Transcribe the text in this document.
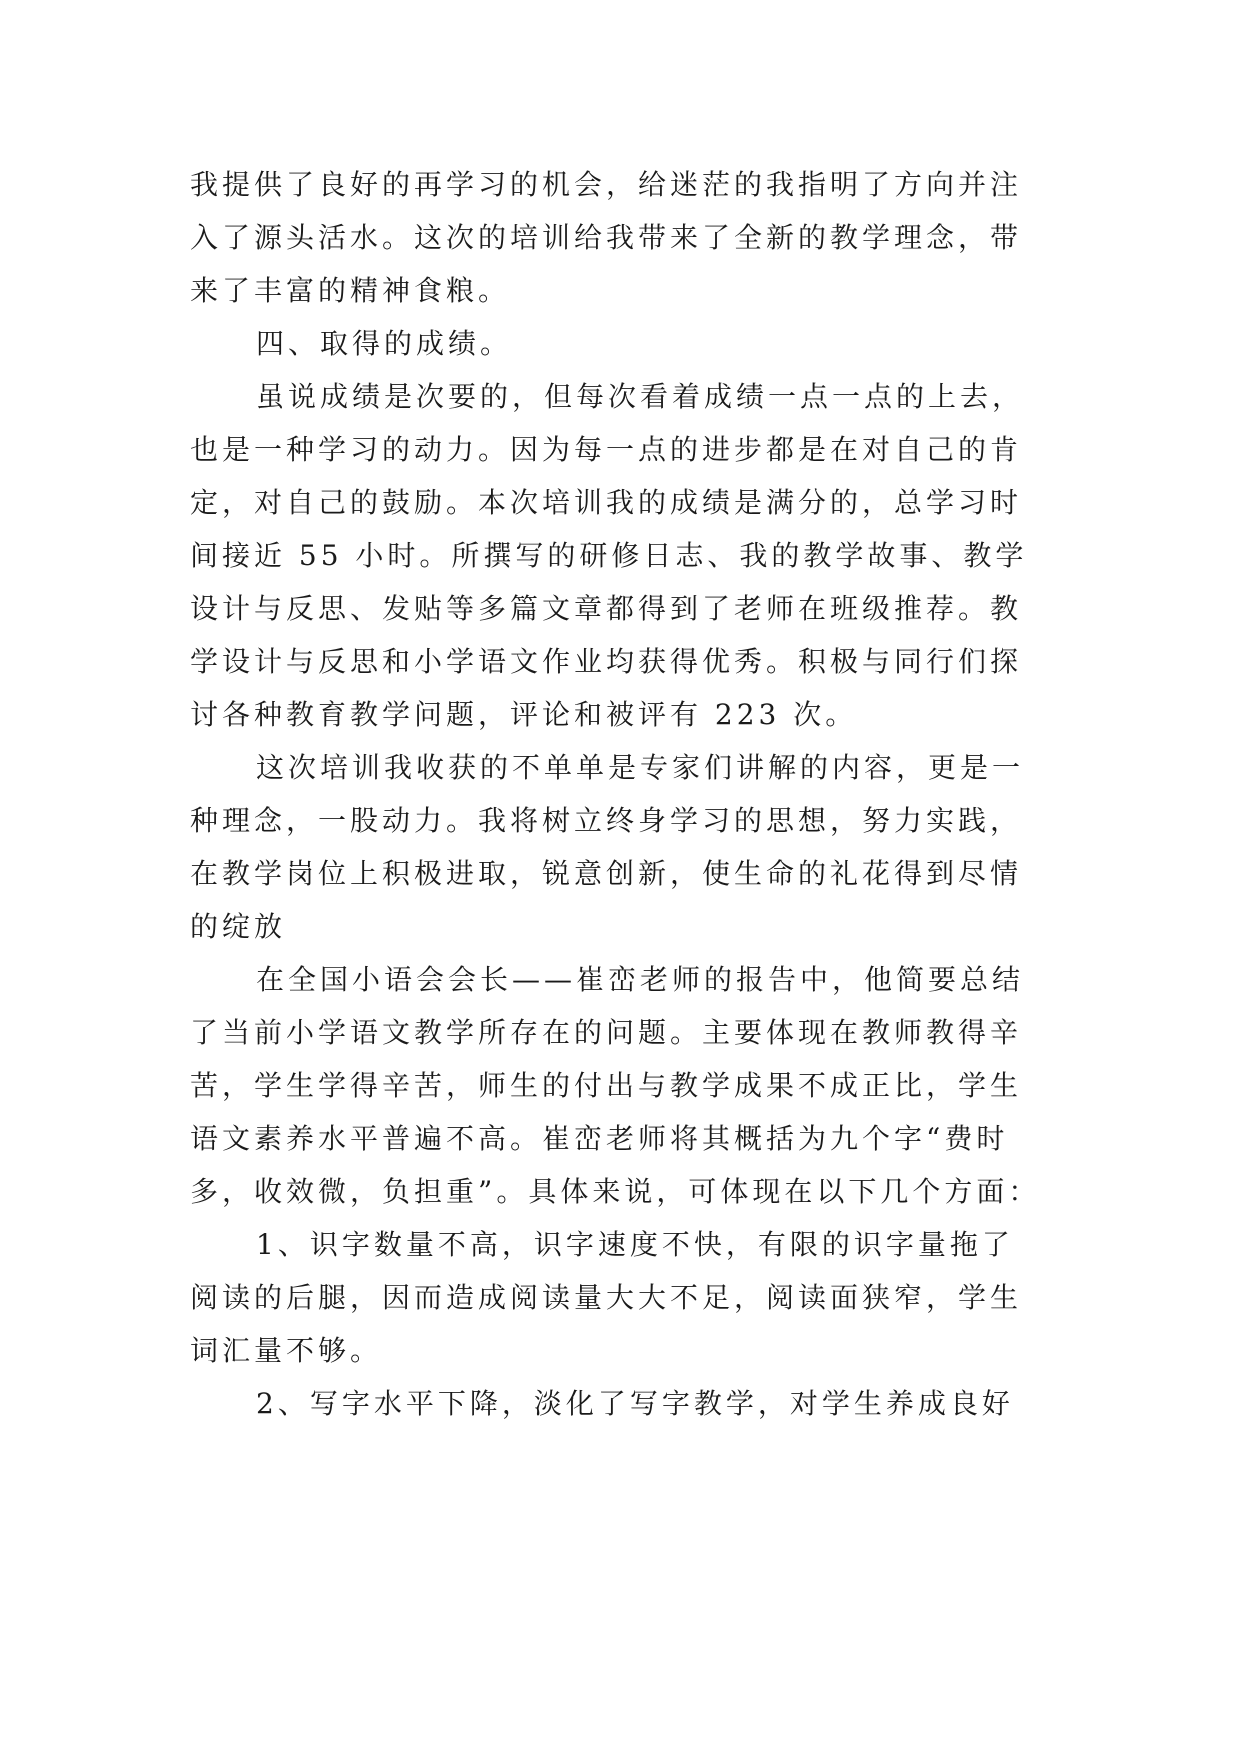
我提供了良好的再学习的机会，给迷茫的我指明了方向并注
入了源头活水。这次的培训给我带来了全新的教学理念，带
来了丰富的精神食粮。
四、取得的成绩。
虽说成绩是次要的，但每次看着成绩一点一点的上去，
也是一种学习的动力。因为每一点的进步都是在对自己的肯
定，对自己的鼓励。本次培训我的成绩是满分的，总学习时
间接近 55 小时。所撰写的研修日志、我的教学故事、教学
设计与反思、发贴等多篇文章都得到了老师在班级推荐。教
学设计与反思和小学语文作业均获得优秀。积极与同行们探
讨各种教育教学问题，评论和被评有 223 次。
这次培训我收获的不单单是专家们讲解的内容，更是一
种理念，一股动力。我将树立终身学习的思想，努力实践，
在教学岗位上积极进取，锐意创新，使生命的礼花得到尽情
的绽放
在全国小语会会长——崔峦老师的报告中，他简要总结
了当前小学语文教学所存在的问题。主要体现在教师教得辛
苦，学生学得辛苦，师生的付出与教学成果不成正比，学生
语文素养水平普遍不高。崔峦老师将其概括为九个字“费时
多，收效微，负担重”。具体来说，可体现在以下几个方面：
1、识字数量不高，识字速度不快，有限的识字量拖了
阅读的后腿，因而造成阅读量大大不足，阅读面狭窄，学生
词汇量不够。
2、写字水平下降，淡化了写字教学，对学生养成良好
